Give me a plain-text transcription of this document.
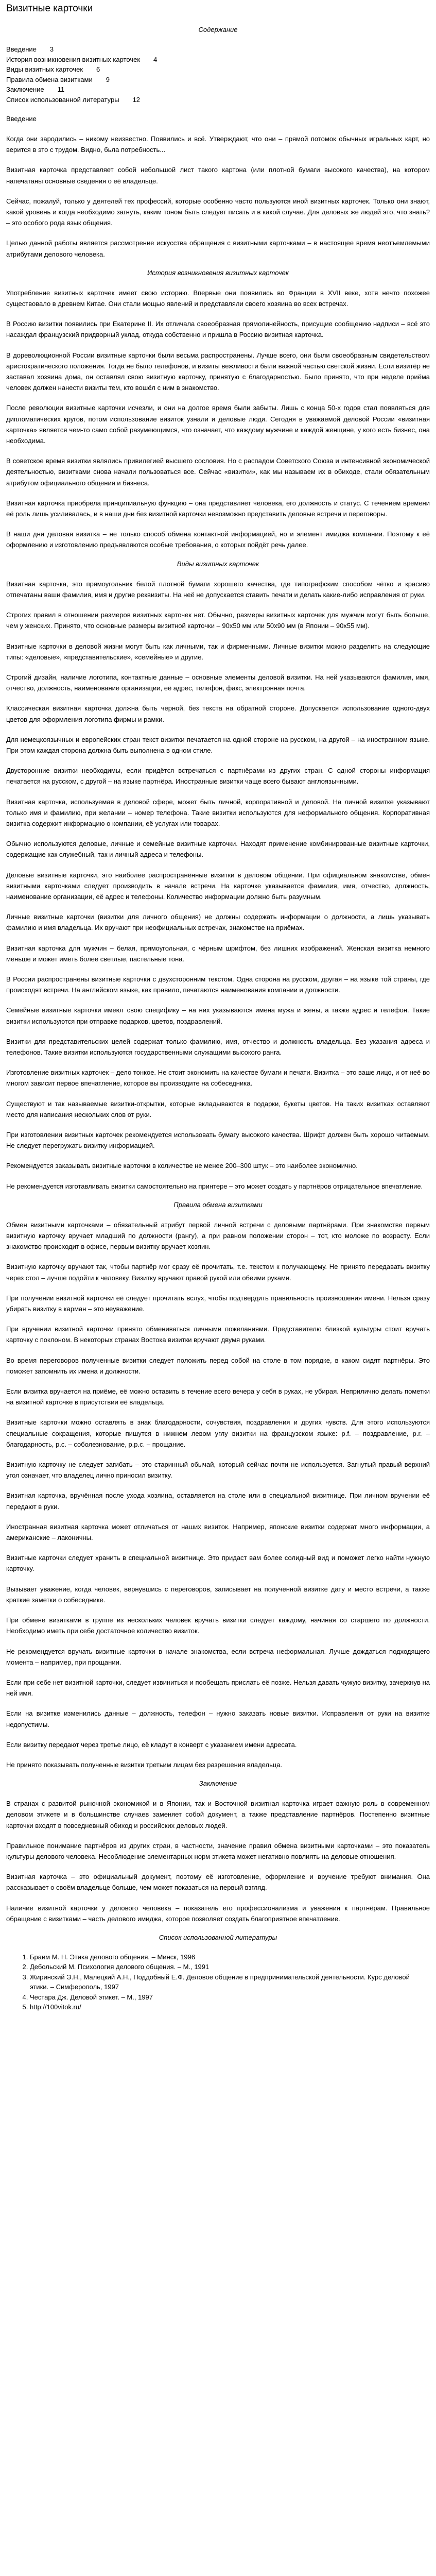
Визитные карточки
Содержание
Введение 3
История возникновения визитных карточек 4
Виды визитных карточек 6
Правила обмена визитками 9
Заключение 11
Список использованной литературы 12
Введение

Когда они зародились – никому неизвестно. Появились и всё. Утверждают, что они – прямой потомок обычных игральных карт, но верится в это с трудом. Видно, бьла потребность...

Визитная карточка представляет собой небольшой лист такого картона (или плотной бумаги высокого качества), на котором напечатаны основные сведения о её владельце.

Сейчас, пожалуй, только у деятелей тех профессий, которые особенно часто пользуются иной визитных карточек. Только они знают, какой уровень и когда необходимо загнуть, каким тоном быть следует писать и в какой случае. Для деловых же людей это, что знать? – это особого рода язык общения.

Целью данной работы является рассмотрение искусства обращения с визитными карточками – в настоящее время неотъемлемыми атрибутами делового человека.

История возникновения визитных карточек

Употребление визитных карточек имеет свою историю. Впервые они появились во Франции в XVII веке, хотя нечто похожее существовало в древнем Китае. Они стали мощью явлений и представляли своего хозяина во всех встречах.

В Россию визитки появились при Екатерине II. Их отличала своеобразная прямолинейность, присущие сообщению надписи – всё это насаждал французский придворный уклад, откуда собственно и пришла в Россию визитная карточка.

В дореволюционной России визитные карточки были весьма распространены. Лучше всего, они были своеобразным свидетельством аристократического положения. Тогда не было телефонов, и визиты вежливости были важной частью светской жизни. Если визитёр не заставал хозяина дома, он оставлял свою визитную карточку, принятую с благодарностью. Было принято, что при неделе приёма человек должен нанести визиты тем, кто вошёл с ним в знакомство.

После революции визитные карточки исчезли, и они на долгое время были забыты. Лишь с конца 50-х годов стал появляться для дипломатических кругов, потом использование визиток узнали и деловые люди. Сегодня в уважаемой деловой России «визитная карточка» является чем-то само собой разумеющимся, что означает, что каждому мужчине и каждой женщине, у кого есть бизнес, она необходима.

В советское время визитки являлись привилегией высшего сословия. Но с распадом Советского Союза и интенсивной экономической деятельностью, визитками снова начали пользоваться все. Сейчас «визитки», как мы называем их в обиходе, стали обязательным атрибутом официального общения и бизнеса.

Визитная карточка приобрела принципиальную функцию – она представляет человека, его должность и статус. С течением времени её роль лишь усиливалась, и в наши дни без визитной карточки невозможно представить деловые встречи и переговоры.

В наши дни деловая визитка – не только способ обмена контактной информацией, но и элемент имиджа компании. Поэтому к её оформлению и изготовлению предъявляются особые требования, о которых пойдёт речь далее.

Виды визитных карточек

Визитная карточка, это прямоугольник белой плотной бумаги хорошего качества, где типографским способом чётко и красиво отпечатаны ваши фамилия, имя и другие реквизиты. На неё не допускается ставить печати и делать какие-либо исправления от руки.

Строгих правил в отношении размеров визитных карточек нет. Обычно, размеры визитных карточек для мужчин могут быть больше, чем у женских. Принято, что основные размеры визитной карточки – 90x50 мм или 50x90 мм (в Японии – 90x55 мм).

Визитные карточки в деловой жизни могут быть как личными, так и фирменными. Личные визитки можно разделить на следующие типы: «деловые», «представительские», «семейные» и другие.

Строгий дизайн, наличие логотипа, контактные данные – основные элементы деловой визитки. На ней указываются фамилия, имя, отчество, должность, наименование организации, её адрес, телефон, факс, электронная почта.

Классическая визитная карточка должна быть черной, без текста на обратной стороне. Допускается использование одного-двух цветов для оформления логотипа фирмы и рамки.

Для немецкоязычных и европейских стран текст визитки печатается на одной стороне на русском, на другой – на иностранном языке. При этом каждая сторона должна быть выполнена в одном стиле.

Двусторонние визитки необходимы, если придётся встречаться с партнёрами из других стран. С одной стороны информация печатается на русском, с другой – на языке партнёра. Иностранные визитки чаще всего бывают англоязычными.

Визитная карточка, используемая в деловой сфере, может быть личной, корпоративной и деловой. На личной визитке указывают только имя и фамилию, при желании – номер телефона. Такие визитки используются для неформального общения. Корпоративная визитка содержит информацию о компании, её услугах или товарах.

Обычно используются деловые, личные и семейные визитные карточки. Находят применение комбинированные визитные карточки, содержащие как служебный, так и личный адреса и телефоны.

Деловые визитные карточки, это наиболее распространённые визитки в деловом общении. При официальном знакомстве, обмен визитными карточками следует производить в начале встречи. На карточке указывается фамилия, имя, отчество, должность, наименование организации, её адрес и телефоны. Количество информации должно быть разумным.

Личные визитные карточки (визитки для личного общения) не должны содержать информации о должности, а лишь указывать фамилию и имя владельца. Их вручают при неофициальных встречах, знакомстве на приёмах.

Визитная карточка для мужчин – белая, прямоугольная, с чёрным шрифтом, без лишних изображений. Женская визитка немного меньше и может иметь более светлые, пастельные тона.

В России распространены визитные карточки с двухсторонним текстом. Одна сторона на русском, другая – на языке той страны, где происходят встречи. На английском языке, как правило, печатаются наименования компании и должности.

Семейные визитные карточки имеют свою специфику – на них указываются имена мужа и жены, а также адрес и телефон. Такие визитки используются при отправке подарков, цветов, поздравлений.

Визитки для представительских целей содержат только фамилию, имя, отчество и должность владельца. Без указания адреса и телефонов. Такие визитки используются государственными служащими высокого ранга.

Изготовление визитных карточек – дело тонкое. Не стоит экономить на качестве бумаги и печати. Визитка – это ваше лицо, и от неё во многом зависит первое впечатление, которое вы производите на собеседника.

Существуют и так называемые визитки-открытки, которые вкладываются в подарки, букеты цветов. На таких визитках оставляют место для написания нескольких слов от руки.

При изготовлении визитных карточек рекомендуется использовать бумагу высокого качества. Шрифт должен быть хорошо читаемым. Не следует перегружать визитку информацией.

Рекомендуется заказывать визитные карточки в количестве не менее 200–300 штук – это наиболее экономично.

Не рекомендуется изготавливать визитки самостоятельно на принтере – это может создать у партнёров отрицательное впечатление.

Правила обмена визитками

Обмен визитными карточками – обязательный атрибут первой личной встречи с деловыми партнёрами. При знакомстве первым визитную карточку вручает младший по должности (рангу), а при равном положении сторон – тот, кто моложе по возрасту. Если знакомство происходит в офисе, первым визитку вручает хозяин.

Визитную карточку вручают так, чтобы партнёр мог сразу её прочитать, т.е. текстом к получающему. Не принято передавать визитку через стол – лучше подойти к человеку. Визитку вручают правой рукой или обеими руками.

При получении визитной карточки её следует прочитать вслух, чтобы подтвердить правильность произношения имени. Нельзя сразу убирать визитку в карман – это неуважение.

При вручении визитной карточки принято обмениваться личными пожеланиями. Представителю близкой культуры стоит вручать карточку с поклоном. В некоторых странах Востока визитки вручают двумя руками.

Во время переговоров полученные визитки следует положить перед собой на столе в том порядке, в каком сидят партнёры. Это поможет запомнить их имена и должности.

Если визитка вручается на приёме, её можно оставить в течение всего вечера у себя в руках, не убирая. Неприлично делать пометки на визитной карточке в присутствии её владельца.

Визитные карточки можно оставлять в знак благодарности, сочувствия, поздравления и других чувств. Для этого используются специальные сокращения, которые пишутся в нижнем левом углу визитки на французском языке: p.f. – поздравление, p.r. – благодарность, p.c. – соболезнование, p.p.c. – прощание.

Визитную карточку не следует загибать – это старинный обычай, который сейчас почти не используется. Загнутый правый верхний угол означает, что владелец лично приносил визитку.

Визитная карточка, вручённая после ухода хозяина, оставляется на столе или в специальной визитнице. При личном вручении её передают в руки.

Иностранная визитная карточка может отличаться от наших визиток. Например, японские визитки содержат много информации, а американские – лаконичны.

Визитные карточки следует хранить в специальной визитнице. Это придаст вам более солидный вид и поможет легко найти нужную карточку.

Вызывает уважение, когда человек, вернувшись с переговоров, записывает на полученной визитке дату и место встречи, а также краткие заметки о собеседнике.

При обмене визитками в группе из нескольких человек вручать визитки следует каждому, начиная со старшего по должности. Необходимо иметь при себе достаточное количество визиток.

Не рекомендуется вручать визитные карточки в начале знакомства, если встреча неформальная. Лучше дождаться подходящего момента – например, при прощании.

Если при себе нет визитной карточки, следует извиниться и пообещать прислать её позже. Нельзя давать чужую визитку, зачеркнув на ней имя.

Если на визитке изменились данные – должность, телефон – нужно заказать новые визитки. Исправления от руки на визитке недопустимы.

Если визитку передают через третье лицо, её кладут в конверт с указанием имени адресата.

Не принято показывать полученные визитки третьим лицам без разрешения владельца.

Заключение

В странах с развитой рыночной экономикой и в Японии, так и Восточной визитная карточка играет важную роль в современном деловом этикете и в большинстве случаев заменяет собой документ, а также представление партнёров. Постепенно визитные карточки входят в повседневный обиход и российских деловых людей.

Правильное понимание партнёров из других стран, в частности, значение правил обмена визитными карточками – это показатель культуры делового человека. Несоблюдение элементарных норм этикета может негативно повлиять на деловые отношения.

Визитная карточка – это официальный документ, поэтому её изготовление, оформление и вручение требуют внимания. Она рассказывает о своём владельце больше, чем может показаться на первый взгляд.

Наличие визитной карточки у делового человека – показатель его профессионализма и уважения к партнёрам. Правильное обращение с визитками – часть делового имиджа, которое позволяет создать благоприятное впечатление.

Список использованной литературы
1. Браим М. Н. Этика делового общения. – Минск, 1996
2. Дебольский М. Психология делового общения. – М., 1991
3. Жиринский Э.Н., Малецкий А.Н., Поддобный Е.Ф. Деловое общение в предпринимательской деятельности. Курс деловой этики. – Симферополь, 1997
4. Честара Дж. Деловой этикет. – М., 1997
5. http://100vitok.ru/
